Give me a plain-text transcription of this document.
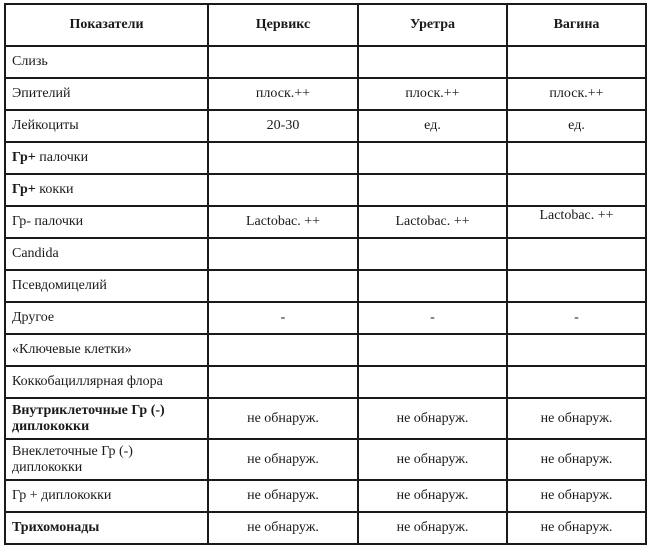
Показатели	Цервикс	Уретра	Вагина
Слизь			
Эпителий	плоск.++	плоск.++	плоск.++
Лейкоциты	20-30	ед.	ед.
Гр+ палочки			
Гр+ кокки			
Гр- палочки	Lactobac. ++	Lactobac. ++	Lactobac. ++
Candida			
Псевдомицелий			
Другое	-	-	-
«Ключевые клетки»			
Коккобациллярная флора			
Внутриклеточные Гр (-) диплококки	не обнаруж.	не обнаруж.	не обнаруж.
Внеклеточные Гр (-) диплококки	не обнаруж.	не обнаруж.	не обнаруж.
Гр + диплококки	не обнаруж.	не обнаруж.	не обнаруж.
Трихомонады	не обнаруж.	не обнаруж.	не обнаруж.
